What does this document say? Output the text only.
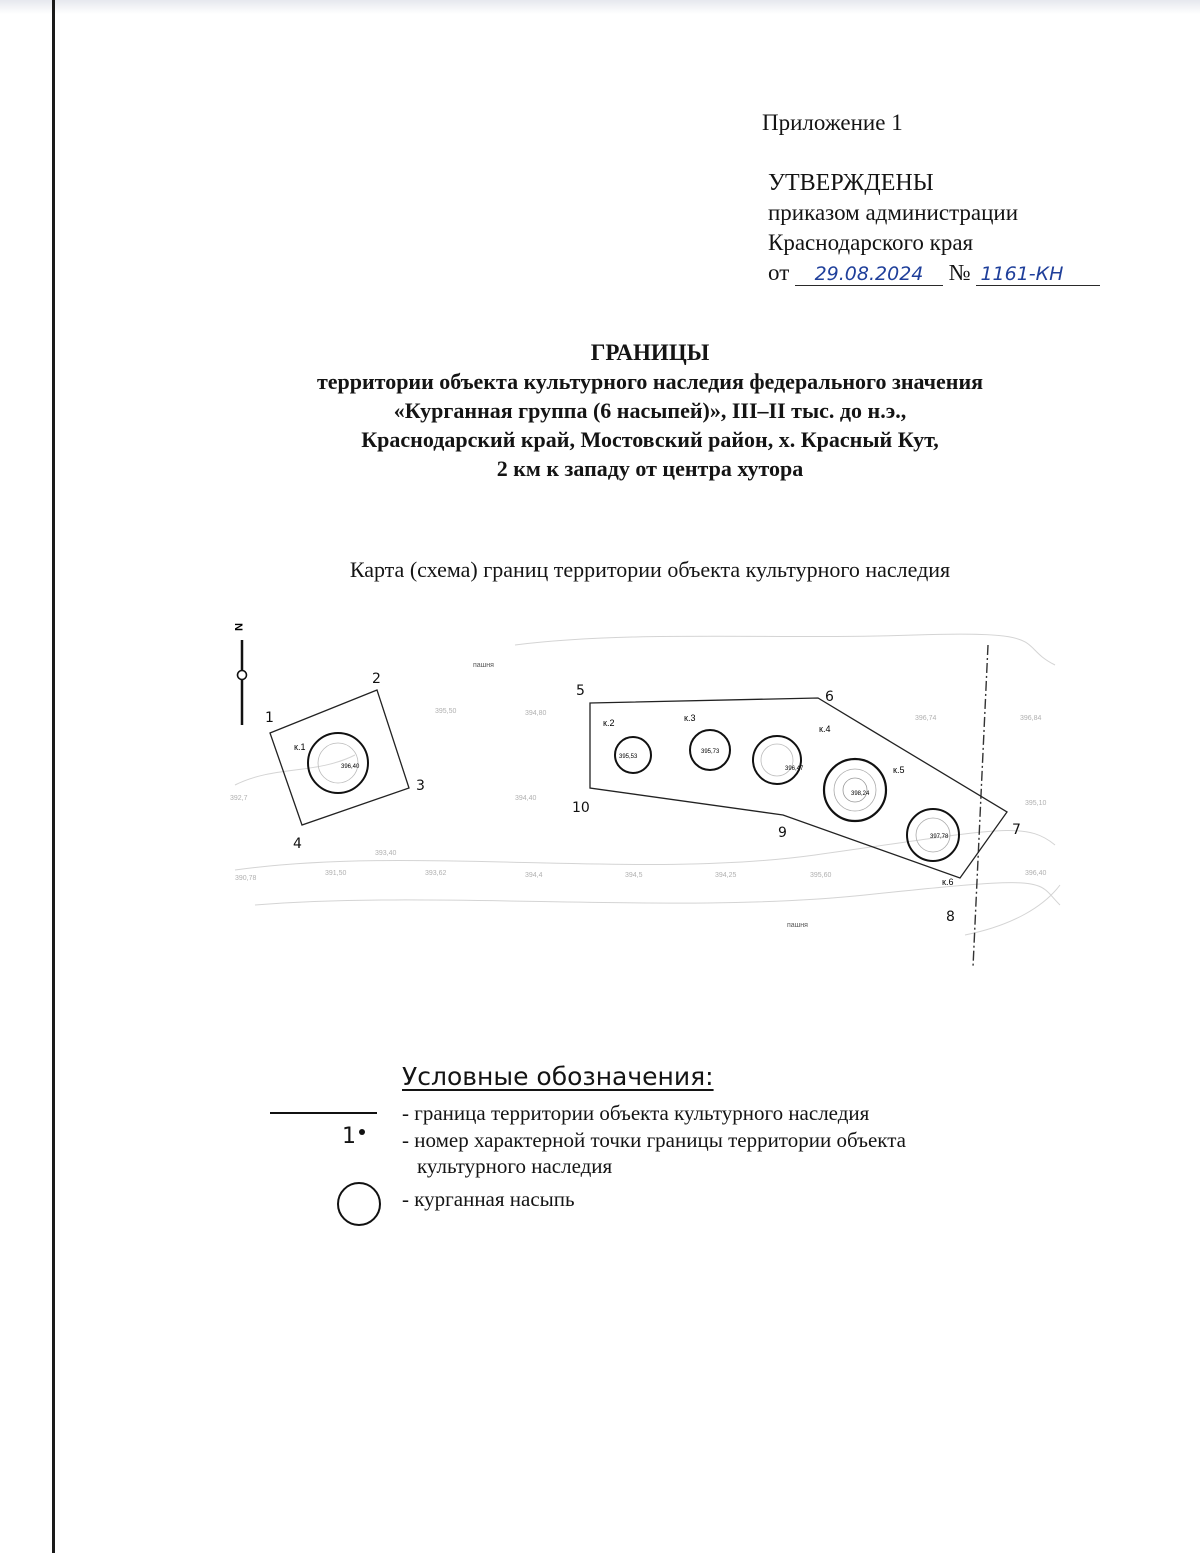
Приложение 1
УТВЕРЖДЕНЫ
приказом администрации
Краснодарского края
от 29.08.2024 № 1161-КН
ГРАНИЦЫ
территории объекта культурного наследия федерального значения
«Курганная группа (6 насыпей)», III–II тыс. до н.э.,
Краснодарский край, Мостовский район, х. Красный Кут,
2 км к западу от центра хутора
Карта (схема) границ территории объекта культурного наследия
395,50	394,80
394,40
390,78
391,50	393,62	394,4	394,5	394,25	395,60
396,74	396,84
395,10
396,40
392,7
393,40
N
пашня
пашня
к.1
396,40
к.2
395,53
к.3
395,73
к.4
396,47	к.5
398,24
к.6
397,78
1
2
3
4
5	6
7
8
9
10
Условные обозначения:
- граница территории объекта культурного наследия
1	- номер характерной точки границы территории объекта
культурного наследия
- курганная насыпь
